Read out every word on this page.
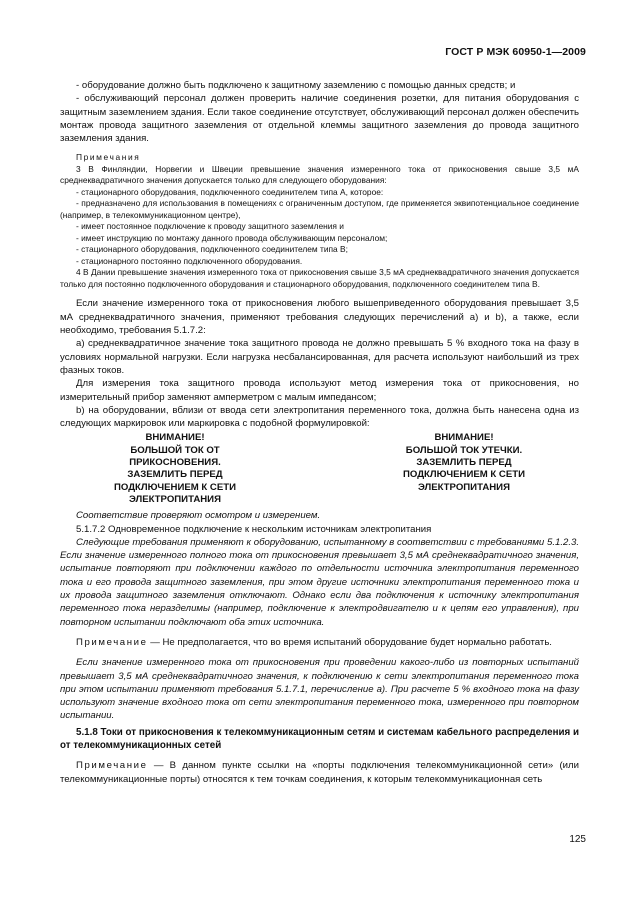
ГОСТ Р МЭК 60950-1—2009

- оборудование должно быть подключено к защитному заземлению с помощью данных средств; и

- обслуживающий персонал должен проверить наличие соединения розетки, для питания оборудования с защитным заземлением здания. Если такое соединение отсутствует, обслуживающий персонал должен обеспечить монтаж провода защитного заземления от отдельной клеммы защитного заземления до провода защитного заземления здания.

Примечания

3 В Финляндии, Норвегии и Швеции превышение значения измеренного тока от прикосновения свыше 3,5 мА среднеквадратичного значения допускается только для следующего оборудования:

- стационарного оборудования, подключенного соединителем типа А, которое:

- предназначено для использования в помещениях с ограниченным доступом, где применяется эквипотенциальное соединение (например, в телекоммуникационном центре),

- имеет постоянное подключение к проводу защитного заземления и

- имеет инструкцию по монтажу данного провода обслуживающим персоналом;

- стационарного оборудования, подключенного соединителем типа В;

- стационарного постоянно подключенного оборудования.

4 В Дании превышение значения измеренного тока от прикосновения свыше 3,5 мА среднеквадратичного значения допускается только для постоянно подключенного оборудования и стационарного оборудования, подключенного соединителем типа В.

Если значение измеренного тока от прикосновения любого вышеприведенного оборудования превышает 3,5 мА среднеквадратичного значения, применяют требования следующих перечислений а) и b), а также, если необходимо, требования 5.1.7.2:

a) среднеквадратичное значение тока защитного провода не должно превышать 5 % входного тока на фазу в условиях нормальной нагрузки. Если нагрузка несбалансированная, для расчета используют наибольший из трех фазных токов.

Для измерения тока защитного провода используют метод измерения тока от прикосновения, но измерительный прибор заменяют амперметром с малым импедансом;

b) на оборудовании, вблизи от ввода сети электропитания переменного тока, должна быть нанесена одна из следующих маркировок или маркировка с подобной формулировкой:

ВНИМАНИЕ!
БОЛЬШОЙ ТОК ОТ
ПРИКОСНОВЕНИЯ.
ЗАЗЕМЛИТЬ ПЕРЕД
ПОДКЛЮЧЕНИЕМ К СЕТИ
ЭЛЕКТРОПИТАНИЯ
ВНИМАНИЕ!
БОЛЬШОЙ ТОК УТЕЧКИ.
ЗАЗЕМЛИТЬ ПЕРЕД
ПОДКЛЮЧЕНИЕМ К СЕТИ
ЭЛЕКТРОПИТАНИЯ

Соответствие проверяют осмотром и измерением.

5.1.7.2 Одновременное подключение к нескольким источникам электропитания

Следующие требования применяют к оборудованию, испытанному в соответствии с требованиями 5.1.2.3. Если значение измеренного полного тока от прикосновения превышает 3,5 мА среднеквадратичного значения, испытание повторяют при подключении каждого по отдельности источника электропитания переменного тока и его провода защитного заземления, при этом другие источники электропитания переменного тока и их провода защитного заземления отключают. Однако если два подключения к источнику электропитания переменного тока неразделимы (например, подключение к электродвигателю и к цепям его управления), при повторном испытании подключают оба этих источника.

Примечание — Не предполагается, что во время испытаний оборудование будет нормально работать.

Если значение измеренного тока от прикосновения при проведении какого-либо из повторных испытаний превышает 3,5 мА среднеквадратичного значения, к подключению к сети электропитания переменного тока при этом испытании применяют требования 5.1.7.1, перечисление а). При расчете 5 % входного тока на фазу используют значение входного тока от сети электропитания переменного тока, измеренного при повторном испытании.

5.1.8 Токи от прикосновения к телекоммуникационным сетям и системам кабельного распределения и от телекоммуникационных сетей

Примечание — В данном пункте ссылки на «порты подключения телекоммуникационной сети» (или телекоммуникационные порты) относятся к тем точкам соединения, к которым телекоммуникационная сеть

125
